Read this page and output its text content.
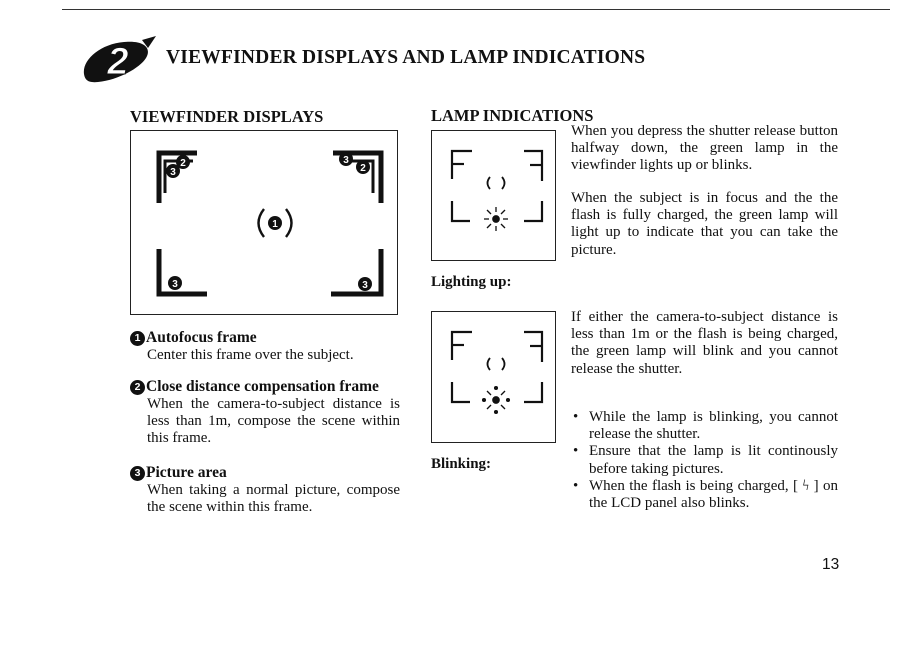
2 VIEWFINDER DISPLAYS AND LAMP INDICATIONS
VIEWFINDER DISPLAYS
2
3
3
2
3	3
1
1 Autofocus frame
Center this frame over the subject.
2 Close distance compensation frame
When the camera-to-subject distance is less than 1m, compose the scene within this frame.
3 Picture area
When taking a normal picture, compose the scene within this frame.
LAMP INDICATIONS
Lighting up:
Blinking:
When you depress the shutter release button halfway down, the green lamp in the viewfinder lights up or blinks.
When the subject is in focus and the the flash is fully charged, the green lamp will light up to indicate that you can take the picture.
If either the camera-to-subject distance is less than 1m or the flash is being charged, the green lamp will blink and you cannot release the shutter.
• While the lamp is blinking, you cannot release the shutter.
• Ensure that the lamp is lit continously before taking pictures.
• When the flash is being charged, [ ϟ ] on the LCD panel also blinks.
13
